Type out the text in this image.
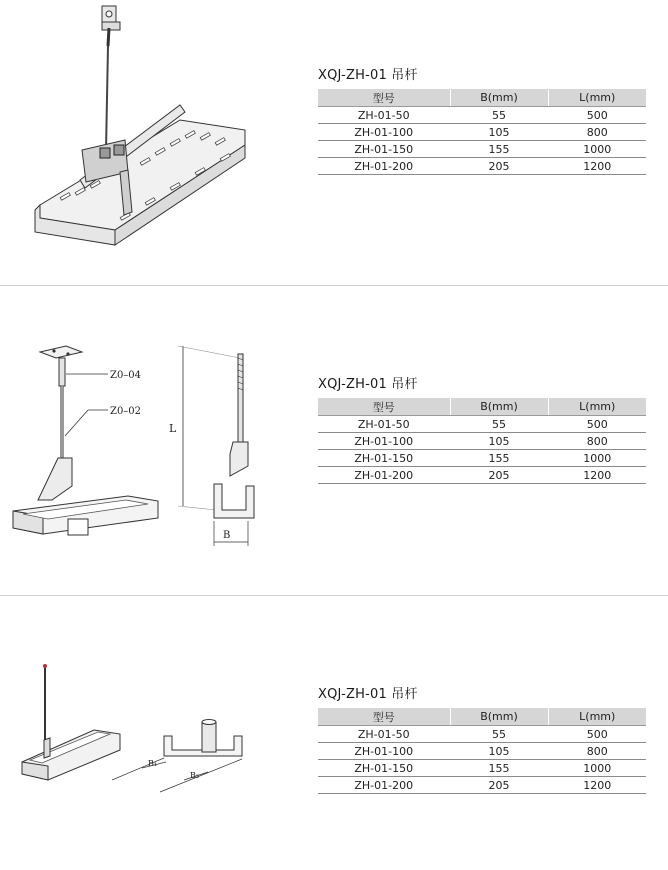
XQJ-ZH-01 吊杆
型号	B(mm)	L(mm)
ZH-01-50	55	500
ZH-01-100	105	800
ZH-01-150	155	1000
ZH-01-200	205	1200
Z0–04
Z0–02
L
B
XQJ-ZH-01 吊杆
型号	B(mm)	L(mm)
ZH-01-50	55	500
ZH-01-100	105	800
ZH-01-150	155	1000
ZH-01-200	205	1200
B₁
B₂
XQJ-ZH-01 吊杆
型号	B(mm)	L(mm)
ZH-01-50	55	500
ZH-01-100	105	800
ZH-01-150	155	1000
ZH-01-200	205	1200
